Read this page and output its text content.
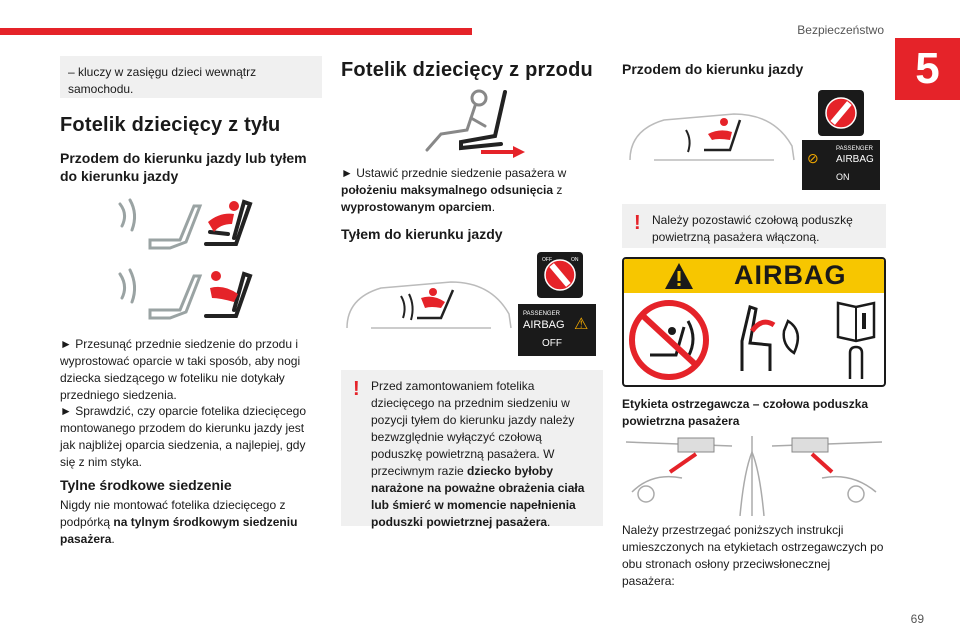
Bezpieczeństwo
5
69
– kluczy w zasięgu dzieci wewnątrz samochodu.
Fotelik dziecięcy z tyłu
Przodem do kierunku jazdy lub tyłem do kierunku jazdy

► Przesunąć przednie siedzenie do przodu i wyprostować oparcie w taki sposób, aby nogi dziecka siedzącego w foteliku nie dotykały przedniego siedzenia.

► Sprawdzić, czy oparcie fotelika dziecięcego montowanego przodem do kierunku jazdy jest jak najbliżej oparcia siedzenia, a najlepiej, gdy się z nim styka.

Tylne środkowe siedzenie

Nigdy nie montować fotelika dziecięcego z podpórką na tylnym środkowym siedzeniu pasażera.

Fotelik dziecięcy z przodu

► Ustawić przednie siedzenie pasażera w położeniu maksymalnego odsunięcia z wyprostowanym oparciem.

Tyłem do kierunku jazdy
OFF	ON
PASSENGER
AIRBAG
OFF
⚠
! Przed zamontowaniem fotelika dziecięcego na przednim siedzeniu w pozycji tyłem do kierunku jazdy należy bezwzględnie wyłączyć czołową poduszkę powietrzną pasażera. W przeciwnym razie dziecko byłoby narażone na poważne obrażenia ciała lub śmierć w momencie napełnienia poduszki powietrznej pasażera.
Przodem do kierunku jazdy
⊘
PASSENGER
AIRBAG
ON
! Należy pozostawić czołową poduszkę powietrzną pasażera włączoną.
AIRBAG
Etykieta ostrzegawcza – czołowa poduszka powietrzna pasażera

Należy przestrzegać poniższych instrukcji umieszczonych na etykietach ostrzegawczych po obu stronach osłony przeciwsłonecznej pasażera:
